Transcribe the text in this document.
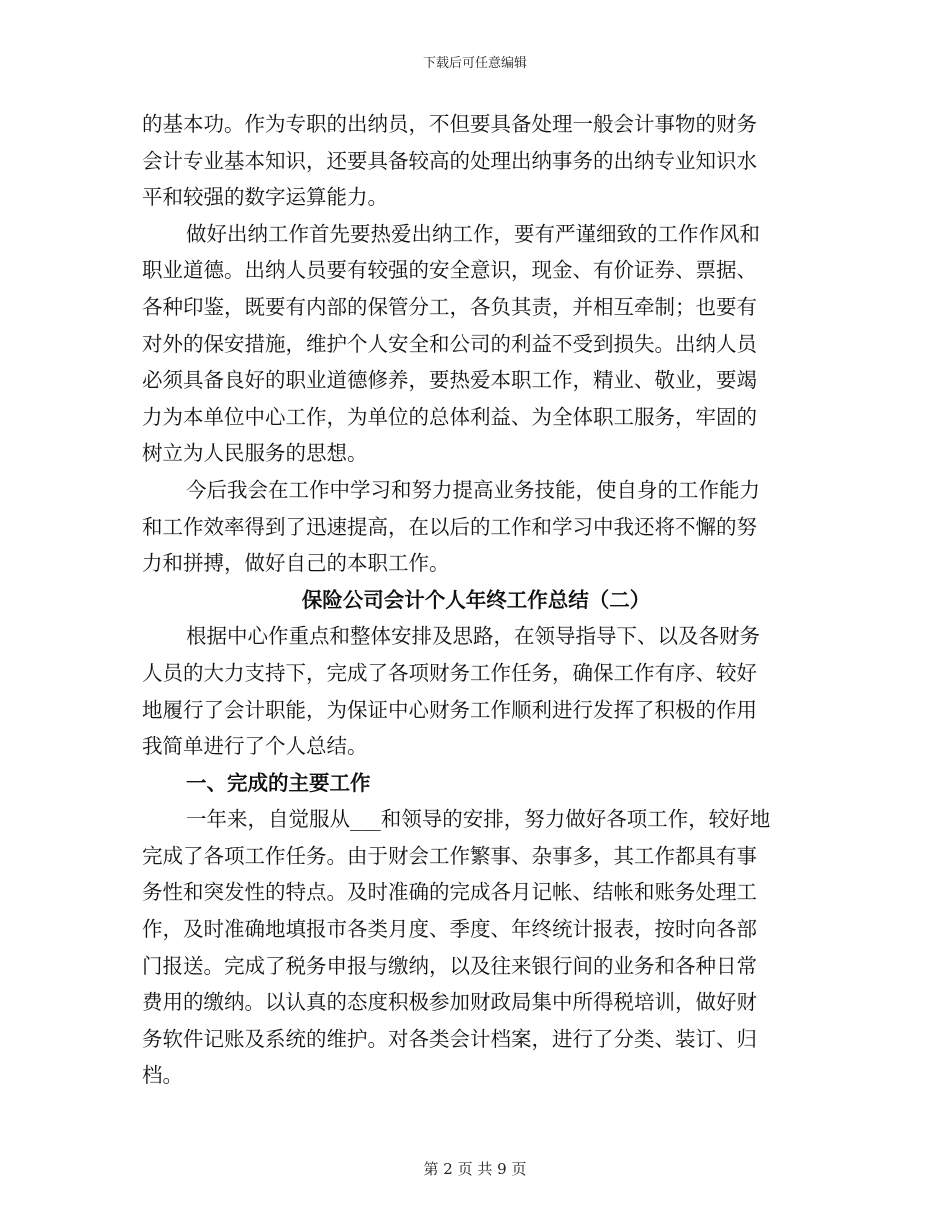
下载后可任意编辑
的基本功。作为专职的出纳员，不但要具备处理一般会计事物的财务
会计专业基本知识，还要具备较高的处理出纳事务的出纳专业知识水
平和较强的数字运算能力。
做好出纳工作首先要热爱出纳工作，要有严谨细致的工作作风和
职业道德。出纳人员要有较强的安全意识，现金、有价证券、票据、
各种印鉴，既要有内部的保管分工，各负其责，并相互牵制；也要有
对外的保安措施，维护个人安全和公司的利益不受到损失。出纳人员
必须具备良好的职业道德修养，要热爱本职工作，精业、敬业，要竭
力为本单位中心工作，为单位的总体利益、为全体职工服务，牢固的
树立为人民服务的思想。
今后我会在工作中学习和努力提高业务技能，使自身的工作能力
和工作效率得到了迅速提高，在以后的工作和学习中我还将不懈的努
力和拼搏，做好自己的本职工作。
保险公司会计个人年终工作总结（二）
根据中心作重点和整体安排及思路，在领导指导下、以及各财务
人员的大力支持下，完成了各项财务工作任务，确保工作有序、较好
地履行了会计职能，为保证中心财务工作顺利进行发挥了积极的作用
我简单进行了个人总结。
一、完成的主要工作
一年来，自觉服从___和领导的安排，努力做好各项工作，较好地
完成了各项工作任务。由于财会工作繁事、杂事多，其工作都具有事
务性和突发性的特点。及时准确的完成各月记帐、结帐和账务处理工
作，及时准确地填报市各类月度、季度、年终统计报表，按时向各部
门报送。完成了税务申报与缴纳，以及往来银行间的业务和各种日常
费用的缴纳。以认真的态度积极参加财政局集中所得税培训，做好财
务软件记账及系统的维护。对各类会计档案，进行了分类、装订、归
档。
第 2 页 共 9 页
